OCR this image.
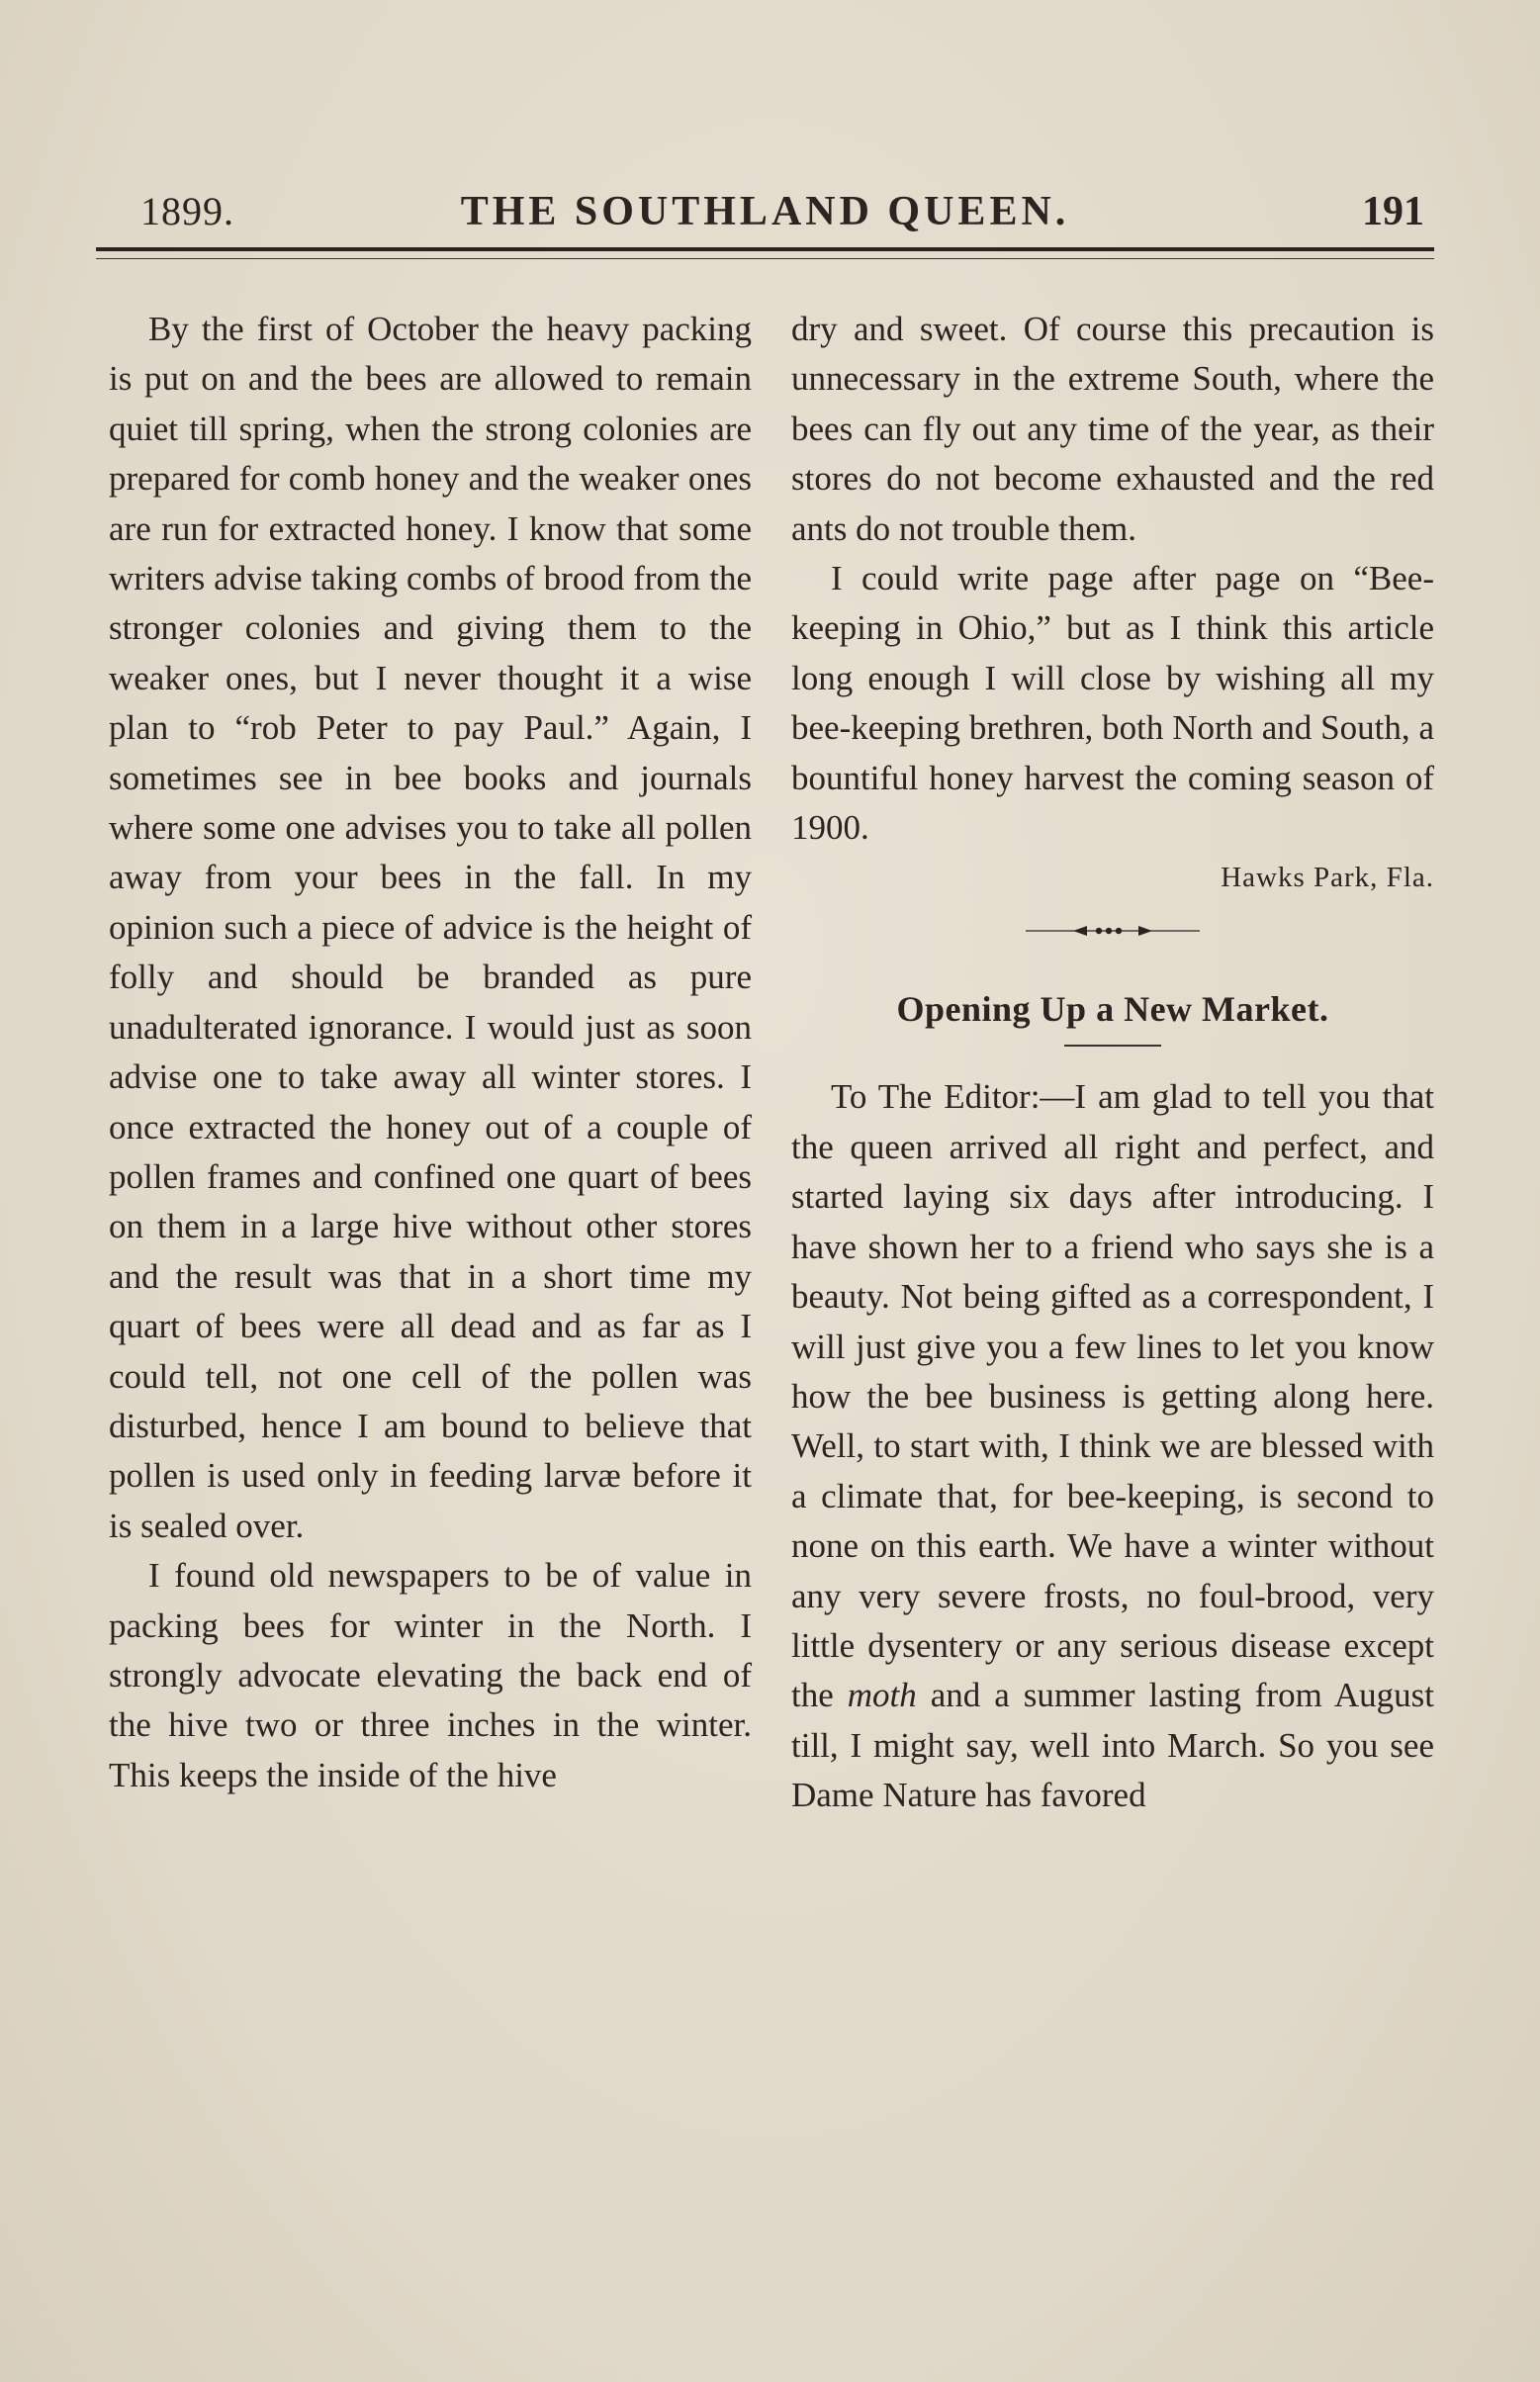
1899.	THE SOUTHLAND QUEEN.	191

By the first of October the heavy packing is put on and the bees are allowed to remain quiet till spring, when the strong colonies are prepared for comb honey and the weaker ones are run for extracted honey. I know that some writers advise taking combs of brood from the stronger colonies and giving them to the weaker ones, but I never thought it a wise plan to “rob Peter to pay Paul.” Again, I sometimes see in bee books and journals where some one advises you to take all pollen away from your bees in the fall. In my opinion such a piece of advice is the height of folly and should be branded as pure unadulterated ignorance. I would just as soon advise one to take away all winter stores. I once extracted the honey out of a couple of pollen frames and confined one quart of bees on them in a large hive without other stores and the result was that in a short time my quart of bees were all dead and as far as I could tell, not one cell of the pollen was disturbed, hence I am bound to believe that pollen is used only in feeding larvæ before it is sealed over.

I found old newspapers to be of value in packing bees for winter in the North. I strongly advocate elevating the back end of the hive two or three inches in the winter. This keeps the inside of the hive

dry and sweet. Of course this precaution is unnecessary in the extreme South, where the bees can fly out any time of the year, as their stores do not become exhausted and the red ants do not trouble them.

I could write page after page on “Bee-keeping in Ohio,” but as I think this article long enough I will close by wishing all my bee-keeping brethren, both North and South, a bountiful honey harvest the coming season of 1900.

Hawks Park, Fla.
Opening Up a New Market.

To The Editor:—I am glad to tell you that the queen arrived all right and perfect, and started laying six days after introducing. I have shown her to a friend who says she is a beauty. Not being gifted as a correspondent, I will just give you a few lines to let you know how the bee business is getting along here. Well, to start with, I think we are blessed with a climate that, for bee-keeping, is second to none on this earth. We have a winter without any very severe frosts, no foul-brood, very little dysentery or any serious disease except the moth and a summer lasting from August till, I might say, well into March. So you see Dame Nature has favored
